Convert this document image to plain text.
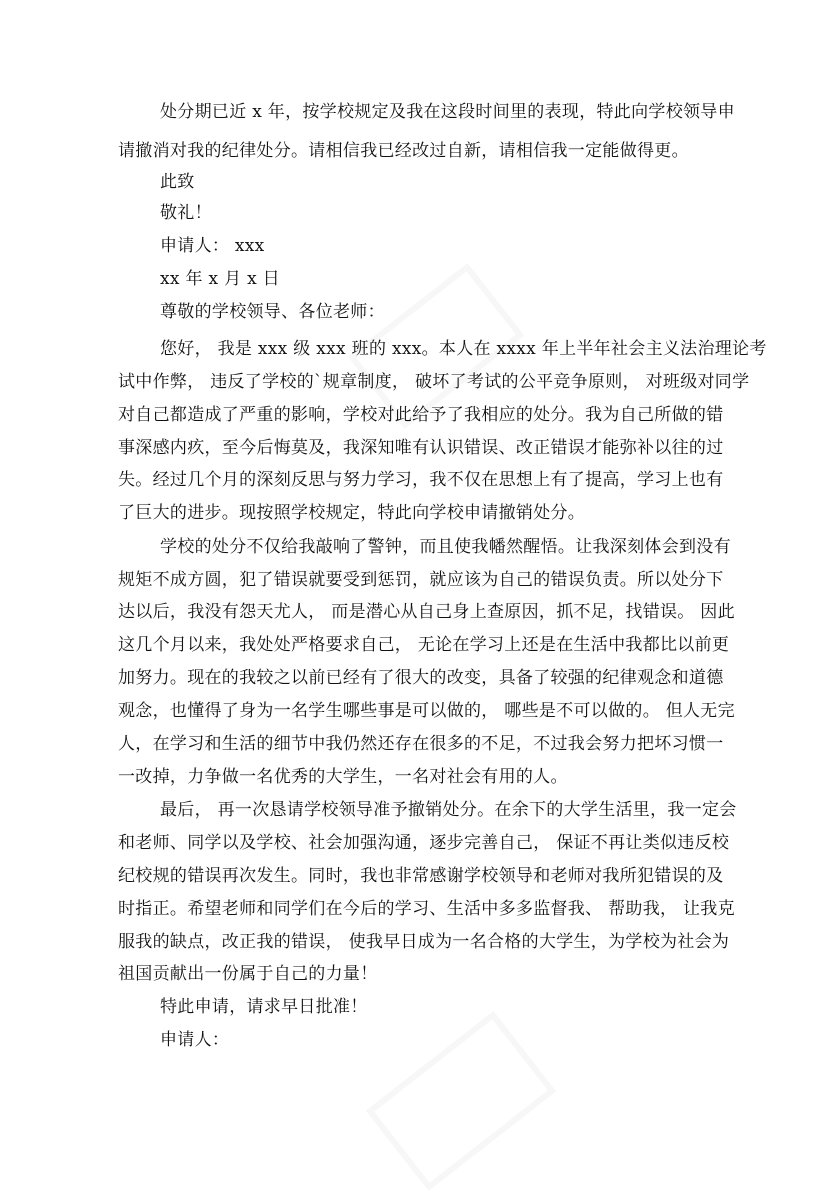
处分期已近 x 年，按学校规定及我在这段时间里的表现，特此向学校领导申
请撤消对我的纪律处分。请相信我已经改过自新，请相信我一定能做得更。
此致
敬礼！
申请人： xxx
xx 年 x 月 x 日
尊敬的学校领导、各位老师：
您好， 我是 xxx 级 xxx 班的 xxx。本人在 xxxx 年上半年社会主义法治理论考
试中作弊， 违反了学校的`规章制度， 破坏了考试的公平竞争原则， 对班级对同学
对自己都造成了严重的影响，学校对此给予了我相应的处分。我为自己所做的错
事深感内疚，至今后悔莫及，我深知唯有认识错误、改正错误才能弥补以往的过
失。经过几个月的深刻反思与努力学习，我不仅在思想上有了提高，学习上也有
了巨大的进步。现按照学校规定，特此向学校申请撤销处分。
学校的处分不仅给我敲响了警钟，而且使我幡然醒悟。让我深刻体会到没有
规矩不成方圆，犯了错误就要受到惩罚，就应该为自己的错误负责。所以处分下
达以后，我没有怨天尤人， 而是潜心从自己身上查原因，抓不足，找错误。 因此
这几个月以来，我处处严格要求自己， 无论在学习上还是在生活中我都比以前更
加努力。现在的我较之以前已经有了很大的改变，具备了较强的纪律观念和道德
观念，也懂得了身为一名学生哪些事是可以做的， 哪些是不可以做的。 但人无完
人，在学习和生活的细节中我仍然还存在很多的不足，不过我会努力把坏习惯一
一改掉，力争做一名优秀的大学生，一名对社会有用的人。
最后， 再一次恳请学校领导准予撤销处分。在余下的大学生活里，我一定会
和老师、同学以及学校、社会加强沟通，逐步完善自己， 保证不再让类似违反校
纪校规的错误再次发生。同时，我也非常感谢学校领导和老师对我所犯错误的及
时指正。希望老师和同学们在今后的学习、生活中多多监督我、 帮助我， 让我克
服我的缺点，改正我的错误， 使我早日成为一名合格的大学生，为学校为社会为
祖国贡献出一份属于自己的力量！
特此申请，请求早日批准！
申请人：
